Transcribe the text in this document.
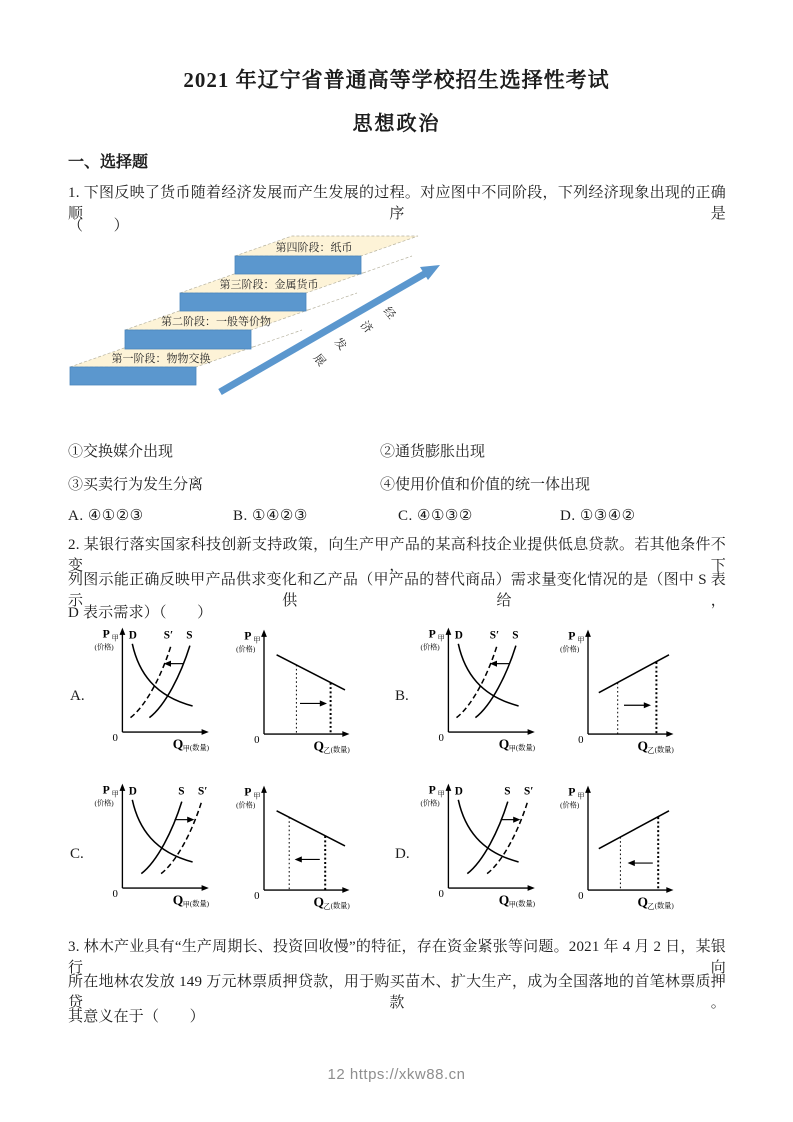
2021 年辽宁省普通高等学校招生选择性考试
思想政治
一、选择题
1. 下图反映了货币随着经济发展而产生发展的过程。对应图中不同阶段，下列经济现象出现的正确顺序是
（　　）
第一阶段：物物交换
第二阶段：一般等价物
第三阶段：金属货币
第四阶段：纸币
展
发
济
经
①交换媒介出现	②通货膨胀出现
③买卖行为发生分离	④使用价值和价值的统一体出现
A. ④①②③	B. ①④②③	C. ④①③②	D. ①③④②
2. 某银行落实国家科技创新支持政策，向生产甲产品的某高科技企业提供低息贷款。若其他条件不变，下
列图示能正确反映甲产品供求变化和乙产品（甲产品的替代商品）需求量变化情况的是（图中 S 表示供给，
D 表示需求）（　　）
A.
0
P 甲
(价格)
Q 甲 (数量)
D S′ S
0
P 甲
(价格)
Q 乙 (数量)
B.
0
P 甲
(价格)
Q 甲 (数量)
D S′ S
0
P 甲
(价格)
Q 乙 (数量)
C.
0
P 甲
(价格)
Q 甲 (数量)
D	S S′
0
P 甲
(价格)
Q 乙 (数量)
D.
0
P 甲
(价格)
Q 甲 (数量)
D	S S′
0
P 甲
(价格)
Q 乙 (数量)
3. 林木产业具有“生产周期长、投资回收慢”的特征，存在资金紧张等问题。2021 年 4 月 2 日，某银行向
所在地林农发放 149 万元林票质押贷款，用于购买苗木、扩大生产，成为全国落地的首笔林票质押贷款。
其意义在于（　　）
12 https://xkw88.cn
